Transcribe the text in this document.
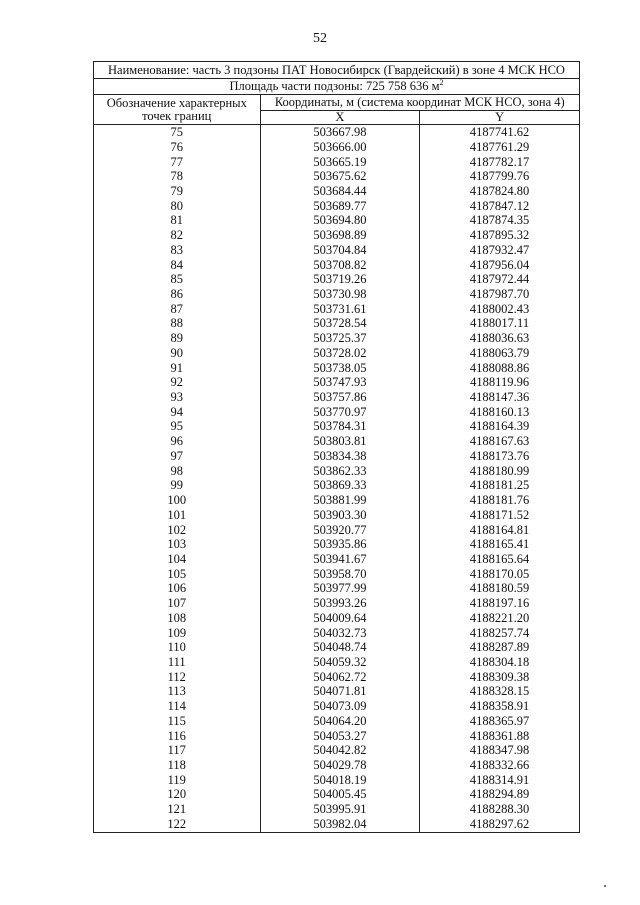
52
Наименование: часть 3 подзоны ПАТ Новосибирск (Гвардейский) в зоне 4 МСК НСО		
Площадь части подзоны: 725 758 636 $м^2$
Обозначение характерных
точек границ	Координаты, м (система координат МСК НСО, зона 4)	
	X	Y
75	503667.98	4187741.62
76	503666.00	4187761.29
77	503665.19	4187782.17
78	503675.62	4187799.76
79	503684.44	4187824.80
80	503689.77	4187847.12
81	503694.80	4187874.35
82	503698.89	4187895.32
83	503704.84	4187932.47
84	503708.82	4187956.04
85	503719.26	4187972.44
86	503730.98	4187987.70
87	503731.61	4188002.43
88	503728.54	4188017.11
89	503725.37	4188036.63
90	503728.02	4188063.79
91	503738.05	4188088.86
92	503747.93	4188119.96
93	503757.86	4188147.36
94	503770.97	4188160.13
95	503784.31	4188164.39
96	503803.81	4188167.63
97	503834.38	4188173.76
98	503862.33	4188180.99
99	503869.33	4188181.25
100	503881.99	4188181.76
101	503903.30	4188171.52
102	503920.77	4188164.81
103	503935.86	4188165.41
104	503941.67	4188165.64
105	503958.70	4188170.05
106	503977.99	4188180.59
107	503993.26	4188197.16
108	504009.64	4188221.20
109	504032.73	4188257.74
110	504048.74	4188287.89
111	504059.32	4188304.18
112	504062.72	4188309.38
113	504071.81	4188328.15
114	504073.09	4188358.91
115	504064.20	4188365.97
116	504053.27	4188361.88
117	504042.82	4188347.98
118	504029.78	4188332.66
119	504018.19	4188314.91
120	504005.45	4188294.89
121	503995.91	4188288.30
122	503982.04	4188297.62
